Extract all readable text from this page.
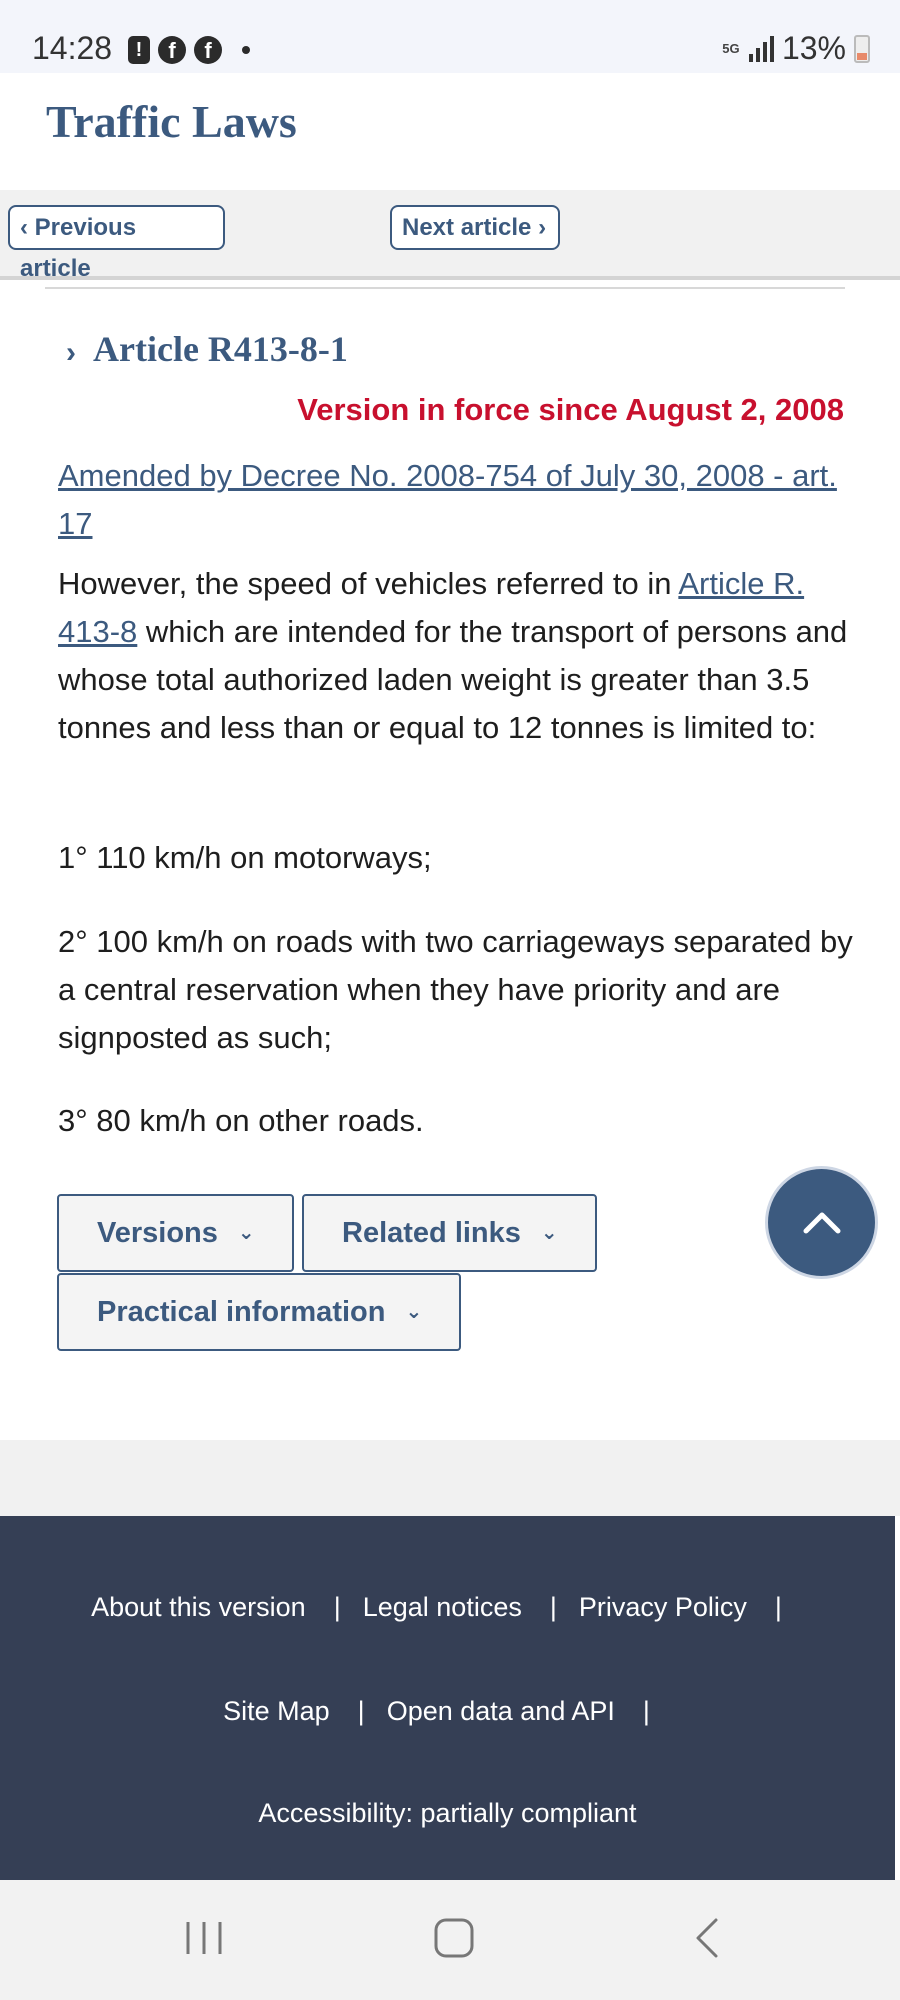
14:28	!	f	f	5G 13%
Traffic Laws
‹ Previous article
Next article ›
› Article R413-8-1
Version in force since August 2, 2008
Amended by Decree No. 2008-754 of July 30, 2008 - art. 17
However, the speed of vehicles referred to in Article R. 413-8 which are intended for the transport of persons and whose total authorized laden weight is greater than 3.5 tonnes and less than or equal to 12 tonnes is limited to:
1° 110 km/h on motorways;
2° 100 km/h on roads with two carriageways separated by a central reservation when they have priority and are signposted as such;
3° 80 km/h on other roads.
Versions ⌄	Related links ⌄
Practical information ⌄
About this version | Legal notices | Privacy Policy |
Site Map | Open data and API |
Accessibility: partially compliant
